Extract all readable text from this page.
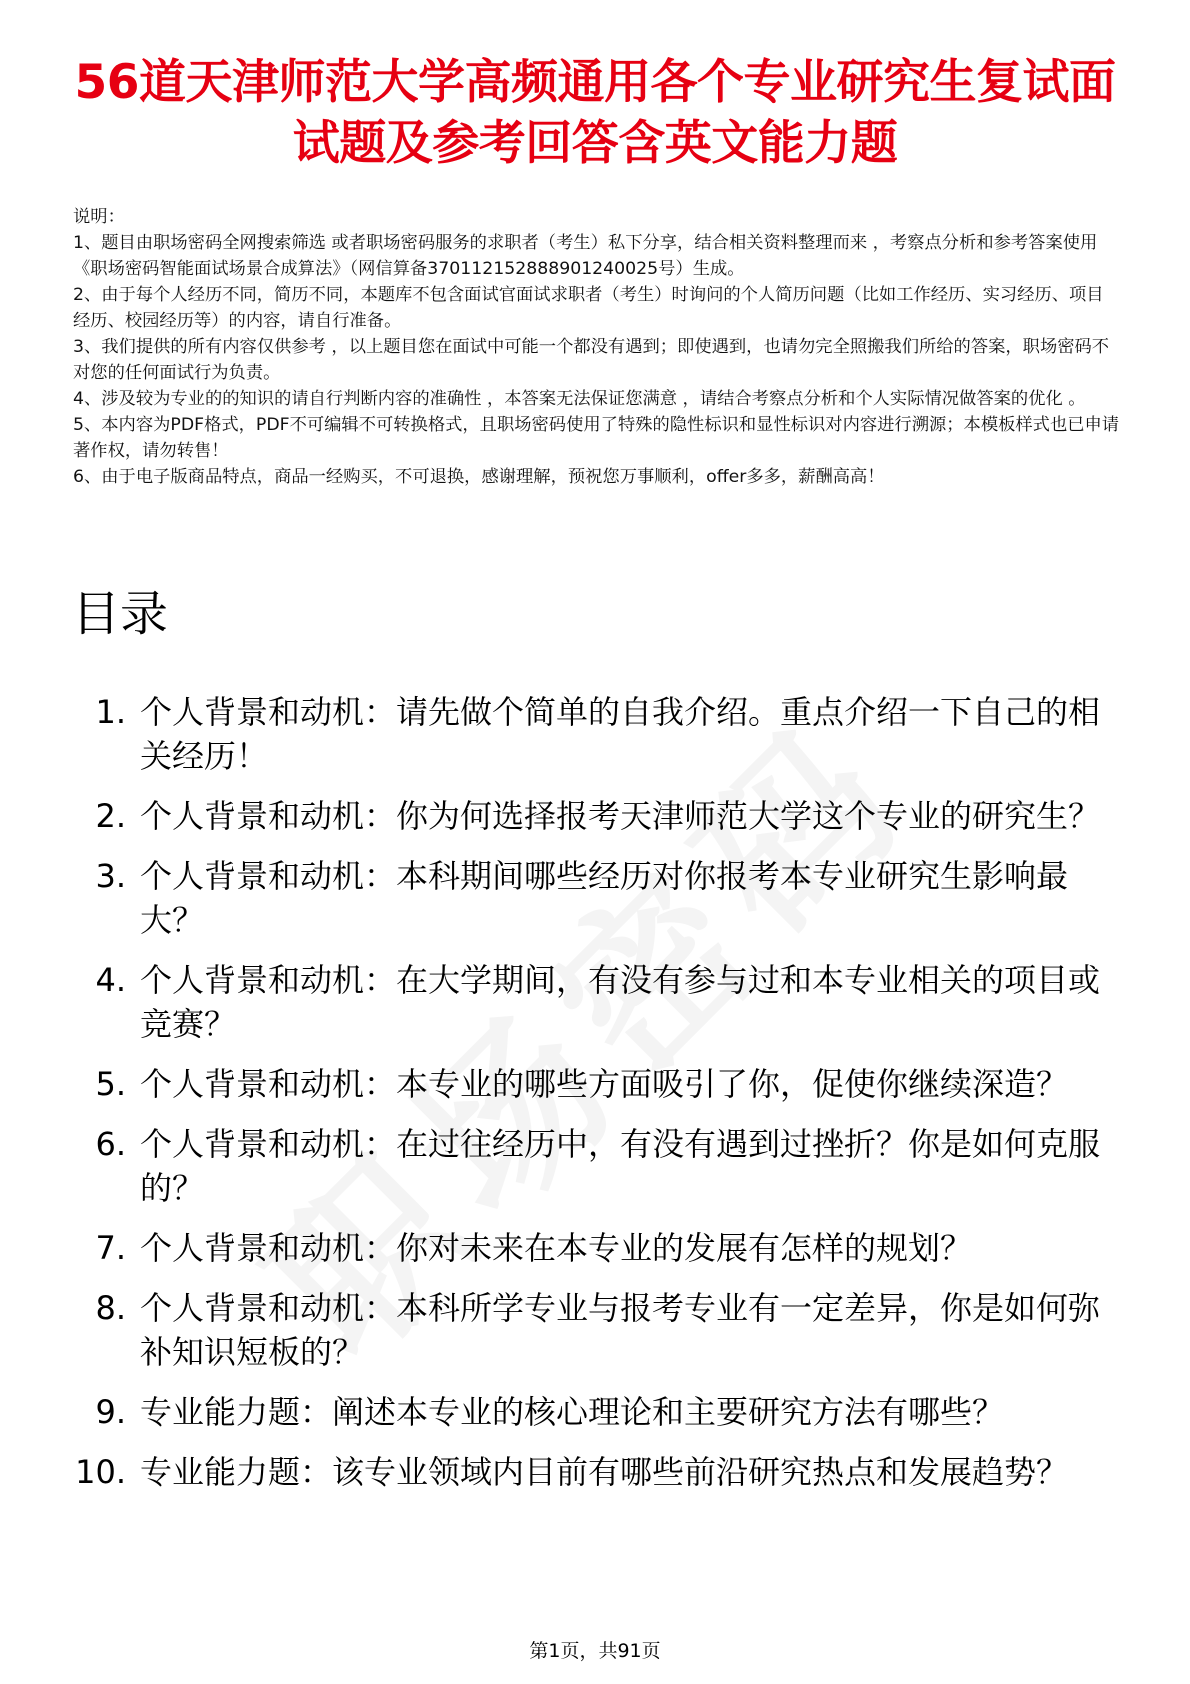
56道天津师范大学高频通用各个专业研究生复试面试题及参考回答含英文能力题

说明：

1、题目由职场密码全网搜索筛选 或者职场密码服务的求职者（考生）私下分享，结合相关资料整理而来 ，考察点分析和参考答案使用《职场密码智能面试场景合成算法》（网信算备370112152888901240025号）生成。

2、由于每个人经历不同，简历不同，本题库不包含面试官面试求职者（考生）时询问的个人简历问题（比如工作经历、实习经历、项目经历、校园经历等）的内容，请自行准备。

3、我们提供的所有内容仅供参考 ，以上题目您在面试中可能一个都没有遇到；即使遇到，也请勿完全照搬我们所给的答案，职场密码不对您的任何面试行为负责。

4、涉及较为专业的的知识的请自行判断内容的准确性 ，本答案无法保证您满意 ，请结合考察点分析和个人实际情况做答案的优化 。

5、本内容为PDF格式，PDF不可编辑不可转换格式，且职场密码使用了特殊的隐性标识和显性标识对内容进行溯源；本模板样式也已申请著作权，请勿转售！

6、由于电子版商品特点，商品一经购买，不可退换，感谢理解，预祝您万事顺利，offer多多，薪酬高高！

目录
1. 个人背景和动机：请先做个简单的自我介绍。重点介绍一下自己的相关经历！
2. 个人背景和动机：你为何选择报考天津师范大学这个专业的研究生？
3. 个人背景和动机：本科期间哪些经历对你报考本专业研究生影响最大？
4. 个人背景和动机：在大学期间，有没有参与过和本专业相关的项目或竞赛？
5. 个人背景和动机：本专业的哪些方面吸引了你，促使你继续深造？
6. 个人背景和动机：在过往经历中，有没有遇到过挫折？你是如何克服的？
7. 个人背景和动机：你对未来在本专业的发展有怎样的规划？
8. 个人背景和动机：本科所学专业与报考专业有一定差异，你是如何弥补知识短板的？
9. 专业能力题：阐述本专业的核心理论和主要研究方法有哪些？
10. 专业能力题：该专业领域内目前有哪些前沿研究热点和发展趋势？
第1页，共91页
